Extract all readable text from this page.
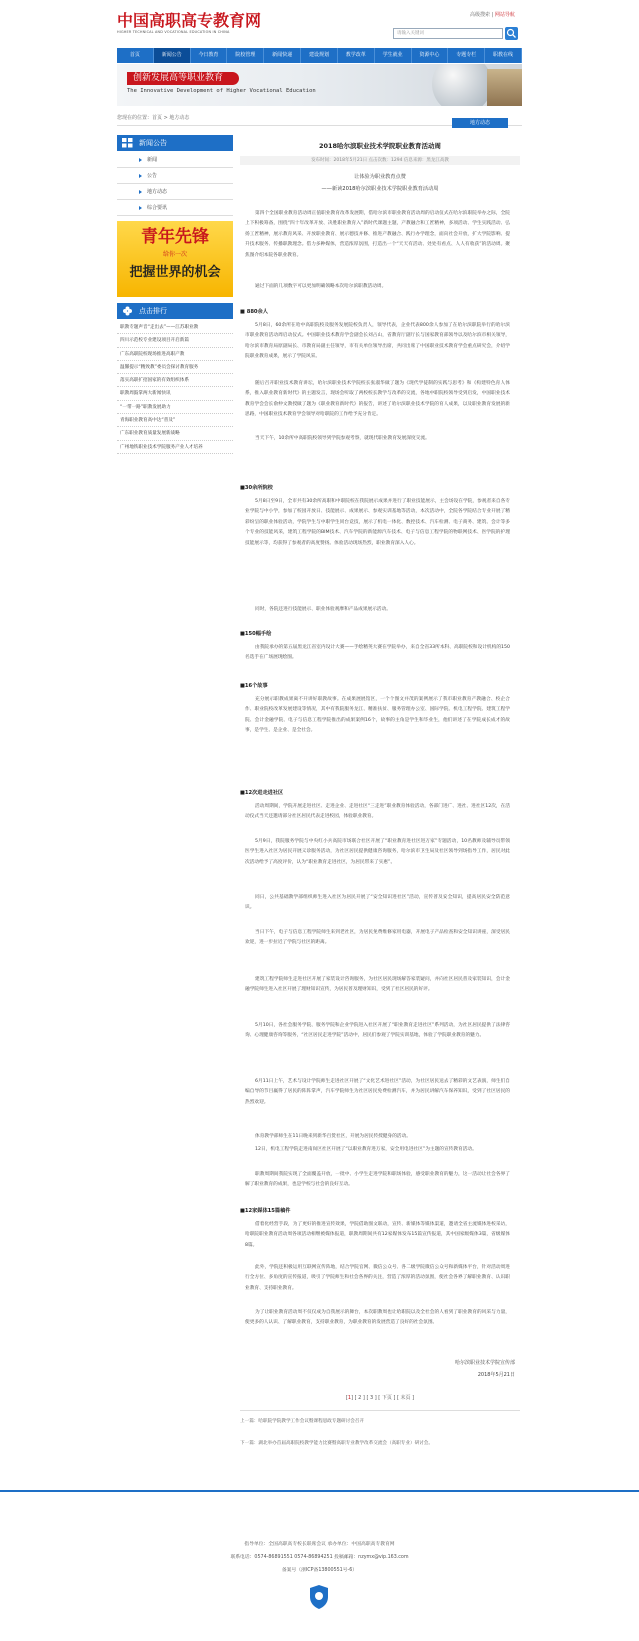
中国高职高专教育网
HIGHER TECHNICAL AND VOCATIONAL EDUCATION IN CHINA
高级搜索 | 网站导航
请输入关键词
首页	新闻公告	今日教育	院校管理	新闻快递	建设规划	教学改革	学生就业	资源中心	专题专栏	职教在线
创新发展高等职业教育
The Innovative Development of Higher Vocational Education
您现在的位置：首页 > 地方动态
地方动态
新闻公告
新闻
公告
地方动态
综合要讯
青年先锋
给你一次
把握世界的机会
点击排行
职教专题声音“走出去”——江苏职业教
四川示范校专业建设项目开启新篇
广东高职院校现场推进高职产教
温馨提示“精致教”委员会探讨教育服务
落实高职扩招国家的有效组织体系
职教周鼓掌两大新闻快讯
“一带一路”职教发展助力
青海职业教育高中达“普及”
广东职业教育质量发展新战略
广州地铁职业技术学院服务产业人才培养
2018哈尔滨职业技术学院职业教育活动周
发布时间：2018年5月21日 点击次数：1294 信息来源：黑龙江高教
让体验为职业教育点赞
——新读2018哈尔滨职业技术学院职业教育活动周
第四个全国职业教育活动周正值职业教育改革发展期，借哈尔滨市职业教育活动周的启动仪式在哈尔滨职院举办之际，全院上下积极筹备，围绕“四十年改革开放、决胜职业教育入”新时代课题主题，产教融合和工匠精神，多项活动、学生实践活动、弘扬工匠精神，展示教育风采、开放职业教育、展示德技并修、推进产教融合、践行办学理念，面向社会开放，扩大学院影响、提升技术服务、传播职教理念。借力多种媒体，营造浓厚氛围，打造出一个“天天有活动、处处有看点、人人有收获”的活动周。聚焦图介绍本院各职业教育。
通过下面的几项数字可以更加明确领略本次哈尔滨职教活动周。
■ 880余人
5月8日，60余所在哈中高职院校及服务发展院校负责人，领导代表，企业代表800余人参加了在哈尔滨职院举行的哈尔滨市职业教育活动周启动仪式。中国职业技术教育学会副会长刘占山，省教育厅副厅长与国家教育部领导以及哈尔滨市相关领导，哈尔滨市教育局原副局长、市教育局副主任领导，市有关单位领导出席，共同出席了中国职业技术教育学会重点研究会，介绍学院职业教育成果，展示了学院风采。
随后召开职业技术教育讲坛，哈尔滨职业技术学院校长张淑华做了题为《现代学徒制的实践与思考》和《构建特色育人体系，推入职业教育新时代》的主题发言，现场会听取了两校校长教学与改革的交流，各地中职院校领导受到启发，中国职业技术教育学会会长俞仲文教授做了题为《职业教育新时代》的报告，讲述了哈尔滨职业技术学院的育人成果，以及职业教育发展的新思路，中国职业技术教育学会领导对哈职院的工作给予充分肯定。
当天下午，10余所中高职院校领导到学院参观考察，就现代职业教育发展深度交流。
■30余所院校
5月8日至9日，全市共有30余所高职和中职院校在我院展示成果并进行了职业技能展示，主会场设在学院，参观者来自各专业学院与中小学，参加了校园开放日、技能展示、成果展示、参观实训基地等活动，本次活动中，全院各学院结合专业开展了精彩纷呈的职业体验活动，学院学生与中职学生同台竞技，展示了机电一体化、数控技术、汽车检测、电子商务、建筑、会计等多个专业的技能风采，建筑工程学院的BIM技术、汽车学院的新能源汽车技术、电子与信息工程学院的物联网技术、医学院的护理技能展示等，均获得了参观者的高度赞扬。体验活动现场热烈，职业教育深入人心。
同时，各院还进行技能展示、职业体验观摩和产品成果展示活动。
■150幅手绘
由我院承办的第五届黑龙江省室内设计大赛——手绘精英大赛在学院举办，来自全省33所本科、高职院校和设计机构的150名选手在广场展现绘图。
■16个故事
充分展示职教成果离不开讲好职教故事。在成果展展馆区，一个个图文并茂的案例展示了我市职业教育产教融合、校企合作、职业院校改革发展建设等情况，其中有我院服务龙江、精准扶贫、服务管理办公室、国际学院、机电工程学院、建筑工程学院、会计金融学院、电子与信息工程学院推出的成果案例16个，故事的主角是学生和毕业生，他们讲述了在学院成长成才的故事，是学生、是企业、是全社会。
■12次进走进社区
活动周期间，学院开展走进社区、走进企业、走进社区“三走进”职业教育体验活动，各部门进广、进社、进社区12次，在活动仪式当天还邀请部分社区居民代表走进校园，体验职业教育。
5月9日，我院服务学院与中央红小兵高院市场联合社区开展了“职业教育进社区进万家”专题活动，10名教师及辅导员带领医学生进入社区为居民开展义诊服务活动，为社区居民提供健康咨询服务，哈尔滨市卫生局及社区领导到场指导工作，居民对此次活动给予了高度评价，认为“职业教育走进社区，为居民带来了实惠”。
同日，公共基础教学部组织师生进入社区为居民开展了“安全知识进社区”活动，宣传普及安全知识，提高居民安全防范意识。
当日下午，电子与信息工程学院师生来到老社区，为居民免费维修家用电器，开展电子产品检查和安全知识讲座，深受居民欢迎，进一步拉近了学院与社区的距离。
建筑工程学院师生走进社区开展了家装设计咨询服务，为社区居民现场解答家装疑问，并向社区居民普及家装知识，会计金融学院师生进入社区开展了理财知识宣传，为居民普及理财知识，受到了社区居民的好评。
5月10日，各社会服务学院、服务学院和企业学院进入社区开展了“职业教育走进社区”系列活动，为社区居民提供了法律咨询、心理健康咨询等服务，“社区居民走进学院”活动中，居民们参观了学院实训基地，体验了学院职业教育的魅力。
6月11日上午，艺术与设计学院师生走进社区开展了“文化艺术进社区”活动，为社区居民送去了精彩的文艺表演，师生们自编自导的节目赢得了居民的阵阵掌声，汽车学院师生为社区居民免费检测汽车，并为居民讲解汽车保养知识，受到了社区居民的热烈欢迎。
体育教学部师生在11日晚来到新华百货社区，开展为居民传授健身的活动。
12日，机电工程学院走进南岗区社区开展了“以职业教育进万家，安全用电进社区”为主题的宣传教育活动。
职教周期间我院实现了全面覆盖开放，一批中、小学生走进学院和职场体验，感受职业教育的魅力，这一活动让社会各界了解了职业教育的成果，也是学校与社会的良好互动。
■12家媒体15篇稿件
借着化经营手段，为了更好的推进宣传效果，学院借助图文联动，宣传、新媒体等媒体渠道，邀请全省主流媒体进校采访，哈职院职业教育活动周各项活动相继被媒体报道，职教周期间共有12家媒体发布15篇宣传报道，其中国家级媒体3篇，省级媒体8篇。
此外，学院还积极运用互联网宣传阵地，结合学院官网、微信公众号、各二级学院微信公众号和新媒体平台，针对活动周进行全方位、多角度的宣传报道，吸引了学院师生和社会各界的关注，营造了浓厚的活动氛围，使社会各界了解职业教育、认识职业教育、支持职业教育。
为了让职业教育活动周不仅仅成为自我展示的舞台，本次职教周也让哈职院以及全社会的人看到了职业教育的风采与力量，使更多的人认识、了解职业教育，支持职业教育，为职业教育的发展营造了良好的社会氛围。
哈尔滨职业技术学院宣传部
2018年5月21日
[1] [ 2 ] [ 3 ] [ 下页 ] [ 末页 ]
上一篇：哈职院学院教学工作会议暨课程思政专题研讨会召开
下一篇：湖北举办首届高职院校教学能力比赛暨高职专业教学改革交流会（高职专业）研讨会。
指导单位：全国高职高专校长联席会议 承办单位：中国高职高专教育网
联系电话：0574-86891551 0574-86894251 投稿邮箱：nzymx@vip.163.com
备案号（浙ICP备13800551号-6）
